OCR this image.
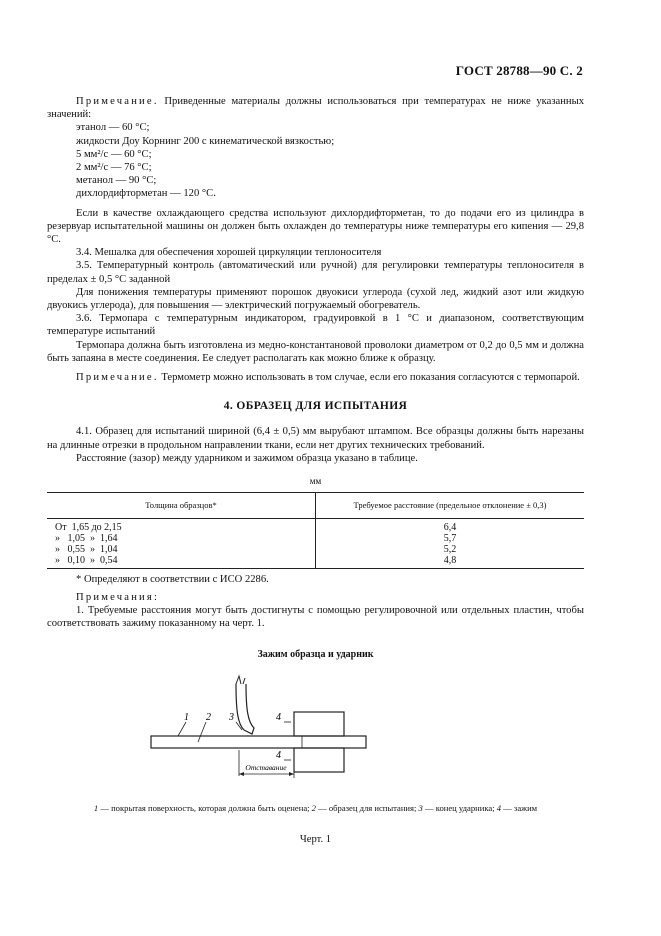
ГОСТ 28788—90 С. 2

Примечание. Приведенные материалы должны использоваться при температурах не ниже указанных значений:

этанол — 60 °C;

жидкости Доу Корнинг 200 с кинематической вязкостью;

5 мм²/с — 60 °C;

2 мм²/с — 76 °C;

метанол — 90 °C;

дихлордифторметан — 120 °C.

Если в качестве охлаждающего средства используют дихлордифторметан, то до подачи его из цилиндра в резервуар испытательной машины он должен быть охлажден до температуры ниже температуры его кипения — 29,8 °C.

3.4. Мешалка для обеспечения хорошей циркуляции теплоносителя

3.5. Температурный контроль (автоматический или ручной) для регулировки температуры теплоносителя в пределах ± 0,5 °C заданной

Для понижения температуры применяют порошок двуокиси углерода (сухой лед, жидкий азот или жидкую двуокись углерода), для повышения — электрический погружаемый обогреватель.

3.6. Термопара с температурным индикатором, градуировкой в 1 °C и диапазоном, соответствующим температуре испытаний

Термопара должна быть изготовлена из медно-константановой проволоки диаметром от 0,2 до 0,5 мм и должна быть запаяна в месте соединения. Ее следует располагать как можно ближе к образцу.

Примечание. Термометр можно использовать в том случае, если его показания согласуются с термопарой.

4. ОБРАЗЕЦ ДЛЯ ИСПЫТАНИЯ

4.1. Образец для испытаний шириной (6,4 ± 0,5) мм вырубают штампом. Все образцы должны быть нарезаны на длинные отрезки в продольном направлении ткани, если нет других технических требований.

Расстояние (зазор) между ударником и зажимом образца указано в таблице.

мм

Толщина образцов*	Требуемое расстояние (предельное отклонение ± 0,3)
От  1,65 до 2,15	6,4
»   1,05  »  1,64	5,7
»   0,55  »  1,04	5,2
»   0,10  »  0,54	4,8

* Определяют в соответствии с ИСО 2286.

Примечания:

1. Требуемые расстояния могут быть достигнуты с помощью регулировочной или отдельных пластин, чтобы соответствовать зажиму показанному на черт. 1.

Зажим образца и ударник

Отставание
1 2 3	4
4

1 — покрытая поверхность, которая должна быть оценена; 2 — образец для испытания; 3 — конец ударника; 4 — зажим

Черт. 1
